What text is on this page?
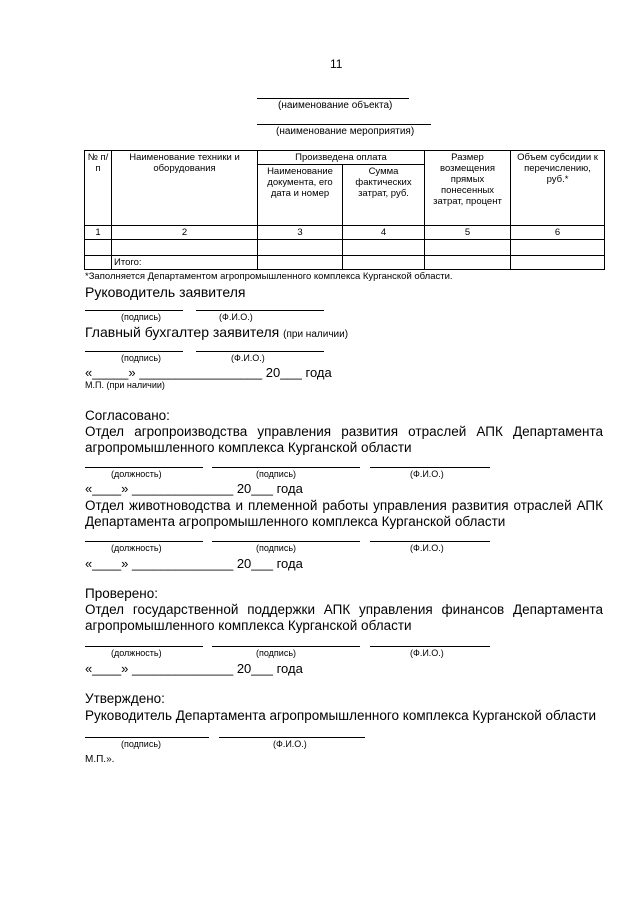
11
(наименование объекта)
(наименование мероприятия)
№ п/п	Наименование техники и оборудования	Произведена оплата		Размер возмещения прямых понесенных затрат, процент	Объем субсидии к перечислению, руб.*
		Наименование документа, его дата и номер	Сумма фактических затрат, руб.		
1	2	3	4	5	6

	Итого:				
*Заполняется Департаментом агропромышленного комплекса Курганской области.
Руководитель заявителя
(подпись)	(Ф.И.О.)
Главный бухгалтер заявителя (при наличии)
(подпись)	(Ф.И.О.)
«_____» _________________ 20___ года
М.П. (при наличии)
Согласовано:
Отдел агропроизводства управления развития отраслей АПК Департамента
агропромышленного комплекса Курганской области
(должность)	(подпись)	(Ф.И.О.)
«____» ______________ 20___ года
Отдел животноводства и племенной работы управления развития отраслей АПК
Департамента агропромышленного комплекса Курганской области
(должность)	(подпись)	(Ф.И.О.)
«____» ______________ 20___ года
Проверено:
Отдел государственной поддержки АПК управления финансов Департамента
агропромышленного комплекса Курганской области
(должность)	(подпись)	(Ф.И.О.)
«____» ______________ 20___ года
Утверждено:
Руководитель Департамента агропромышленного комплекса Курганской области
(подпись)	(Ф.И.О.)
М.П.».
